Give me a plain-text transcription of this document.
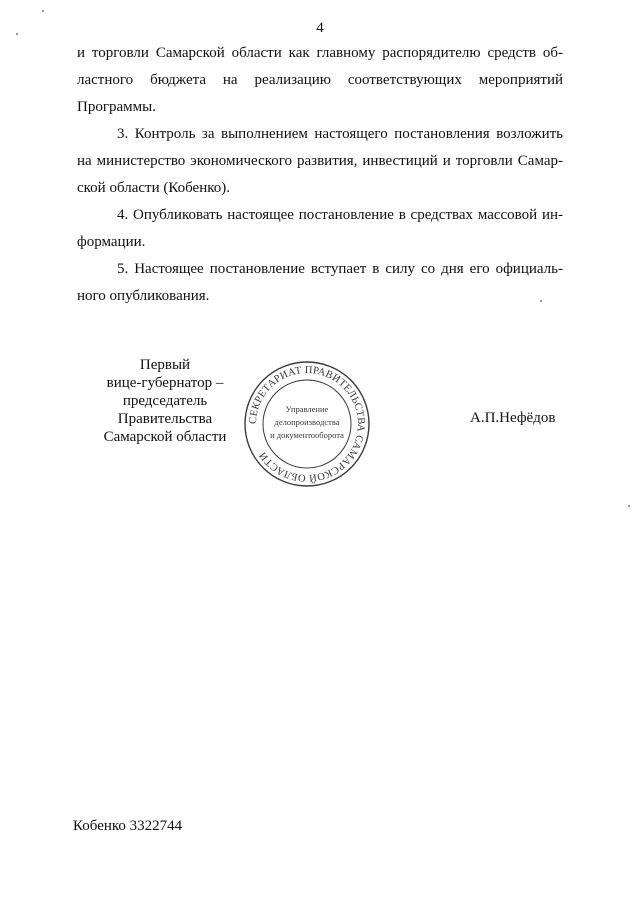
4
и торговли Самарской области как главному распорядителю средств об-
ластного бюджета на реализацию соответствующих мероприятий
Программы.
3. Контроль за выполнением настоящего постановления возложить
на министерство экономического развития, инвестиций и торговли Самар-
ской области (Кобенко).
4. Опубликовать настоящее постановление в средствах массовой ин-
формации.
5. Настоящее постановление вступает в силу со дня его официаль-
ного опубликования.
Первый
вице-губернатор –
председатель Правительства
Самарской области
СЕКРЕТАРИАТ ПРАВИТЕЛЬСТВА САМАРСКОЙ ОБЛАСТИ
Управление
делопроизводства
и документооборота
А.П.Нефёдов
Кобенко 3322744
